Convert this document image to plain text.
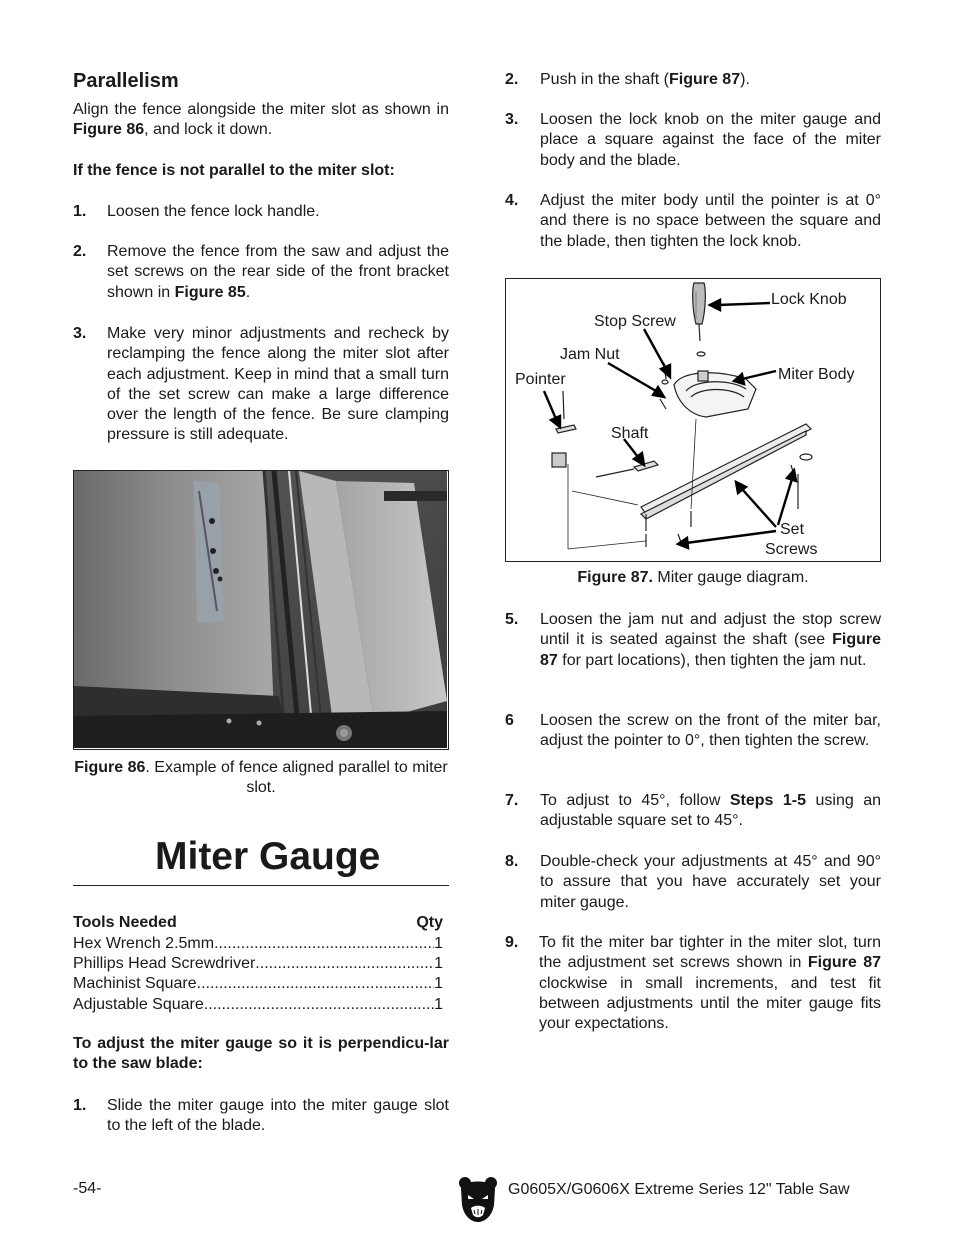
Parallelism

Align the fence alongside the miter slot as shown in Figure 86, and lock it down.

If the fence is not parallel to the miter slot:

1. Loosen the fence lock handle.
2. Remove the fence from the saw and adjust the set screws on the rear side of the front bracket shown in Figure 85.
3. Make very minor adjustments and recheck by reclamping the fence along the miter slot after each adjustment. Keep in mind that a small turn of the set screw can make a large difference over the length of the fence. Be sure clamping pressure is still adequate.
Figure 86. Example of fence aligned parallel to miter slot.
Miter Gauge
Tools Needed	Qty
Hex Wrench 2.5mm .....	1
Phillips Head Screwdriver .....	1
Machinist Square .....	1
Adjustable Square .....	1

To adjust the miter gauge so it is perpendicu-lar to the saw blade:

1. Slide the miter gauge into the miter gauge slot to the left of the blade.
2. Push in the shaft (Figure 87).
3. Loosen the lock knob on the miter gauge and place a square against the face of the miter body and the blade.
4. Adjust the miter body until the pointer is at 0° and there is no space between the square and the blade, then tighten the lock knob.
Lock Knob
Stop Screw
Jam Nut
Miter Body
Pointer
Shaft
Set
Screws
Figure 87. Miter gauge diagram.
5. Loosen the jam nut and adjust the stop screw until it is seated against the shaft (see Figure 87 for part locations), then tighten the jam nut.
6 Loosen the screw on the front of the miter bar, adjust the pointer to 0°, then tighten the screw.
7. To adjust to 45°, follow Steps 1-5 using an adjustable square set to 45°.
8. Double-check your adjustments at 45° and 90° to assure that you have accurately set your miter gauge.
9. To fit the miter bar tighter in the miter slot, turn the adjustment set screws shown in Figure 87 clockwise in small increments, and test fit between adjustments until the miter gauge fits your expectations.
-54-	G0605X/G0606X Extreme Series 12" Table Saw
